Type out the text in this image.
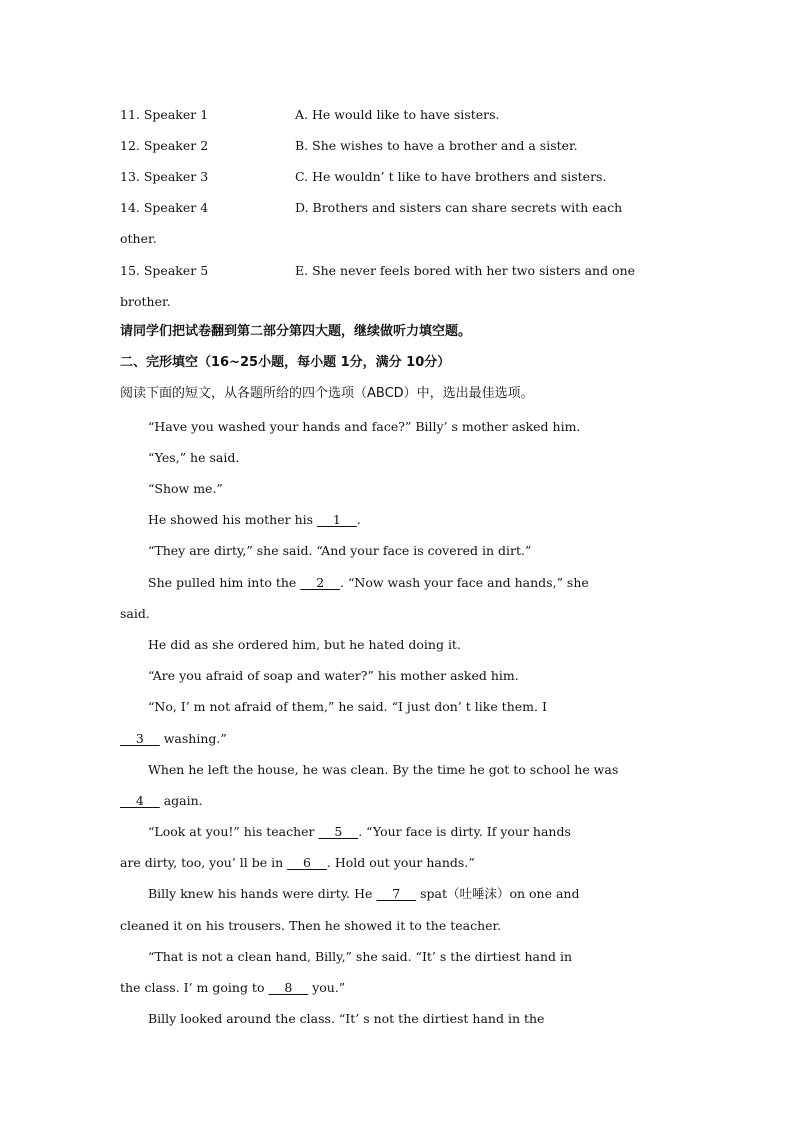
11. Speaker 1	A. He would like to have sisters.
12. Speaker 2	B. She wishes to have a brother and a sister.
13. Speaker 3	C. He wouldn’ t like to have brothers and sisters.
14. Speaker 4	D. Brothers and sisters can share secrets with each
other.
15. Speaker 5	E. She never feels bored with her two sisters and one
brother.
请同学们把试卷翻到第二部分第四大题，继续做听力填空题。
二、完形填空（16~25小题，每小题 1分，满分 10分）
阅读下面的短文，从各题所给的四个选项（ABCD）中，选出最佳选项。
“Have you washed your hands and face?” Billy’ s mother asked him.
“Yes,” he said.
“Show me.”
He showed his mother his     1    .
“They are dirty,” she said. “And your face is covered in dirt.”
She pulled him into the     2    . “Now wash your face and hands,” she
said.
He did as she ordered him, but he hated doing it.
“Are you afraid of soap and water?” his mother asked him.
“No, I’ m not afraid of them,” he said. “I just don’ t like them. I
3     washing.”
When he left the house, he was clean. By the time he got to school he was
4     again.
“Look at you!” his teacher     5    . “Your face is dirty. If your hands
are dirty, too, you’ ll be in     6    . Hold out your hands.”
Billy knew his hands were dirty. He     7     spat（吐唾沫）on one and
cleaned it on his trousers. Then he showed it to the teacher.
“That is not a clean hand, Billy,” she said. “It’ s the dirtiest hand in
the class. I’ m going to     8     you.”
Billy looked around the class. “It’ s not the dirtiest hand in the
